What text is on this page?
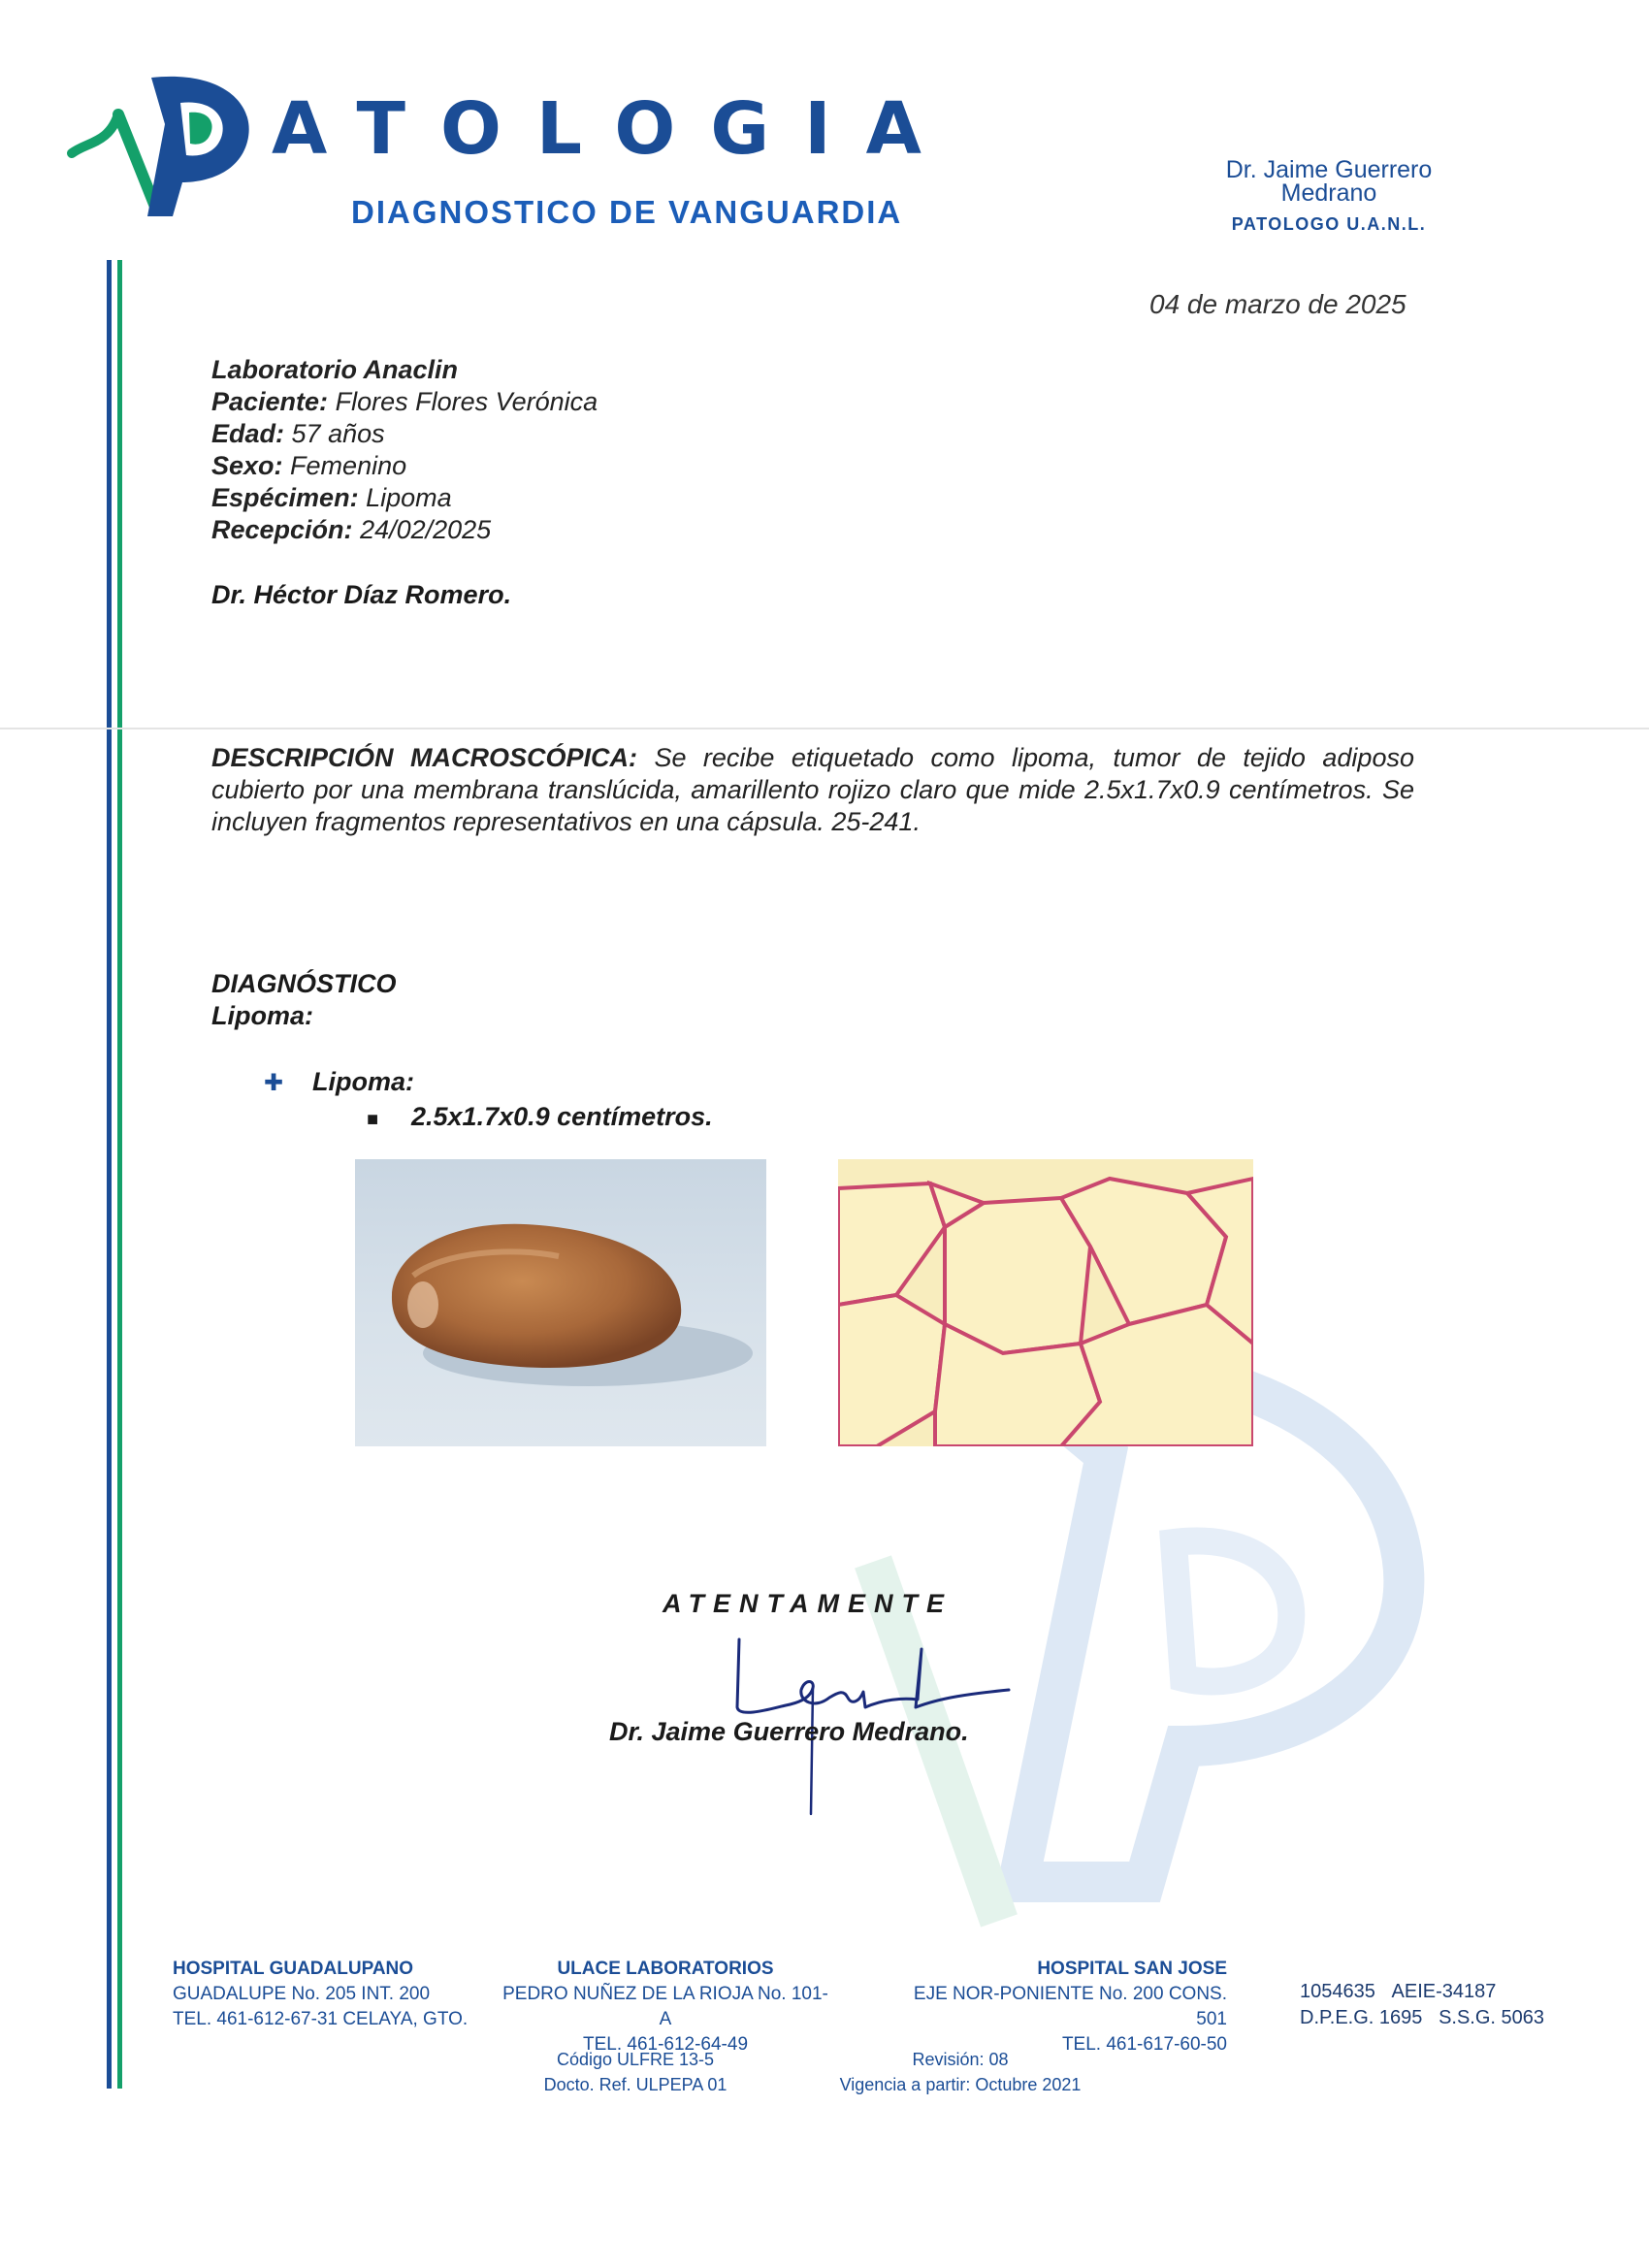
ATOLOGIA
DIAGNOSTICO DE VANGUARDIA
Dr. Jaime Guerrero
Medrano
PATOLOGO U.A.N.L.
04 de marzo de 2025
Laboratorio Anaclin
Paciente: Flores Flores Verónica
Edad: 57 años
Sexo: Femenino
Espécimen: Lipoma
Recepción: 24/02/2025
Dr. Héctor Díaz Romero.
DESCRIPCIÓN MACROSCÓPICA: Se recibe etiquetado como lipoma, tumor de tejido adiposo cubierto por una membrana translúcida, amarillento rojizo claro que mide 2.5x1.7x0.9 centímetros. Se incluyen fragmentos representativos en una cápsula. 25-241.
DIAGNÓSTICO
Lipoma:
✚ Lipoma:
■ 2.5x1.7x0.9 centímetros.
ATENTAMENTE
Dr. Jaime Guerrero Medrano.
HOSPITAL GUADALUPANO
GUADALUPE No. 205 INT. 200
TEL. 461-612-67-31 CELAYA, GTO.
ULACE LABORATORIOS
PEDRO NUÑEZ DE LA RIOJA No. 101-A
TEL. 461-612-64-49
HOSPITAL SAN JOSE
EJE NOR-PONIENTE No. 200 CONS. 501
TEL. 461-617-60-50
1054635 AEIE-34187
D.P.E.G. 1695 S.S.G. 5063
Código ULFRE 13-5
Docto. Ref. ULPEPA 01
Revisión: 08
Vigencia a partir: Octubre 2021
